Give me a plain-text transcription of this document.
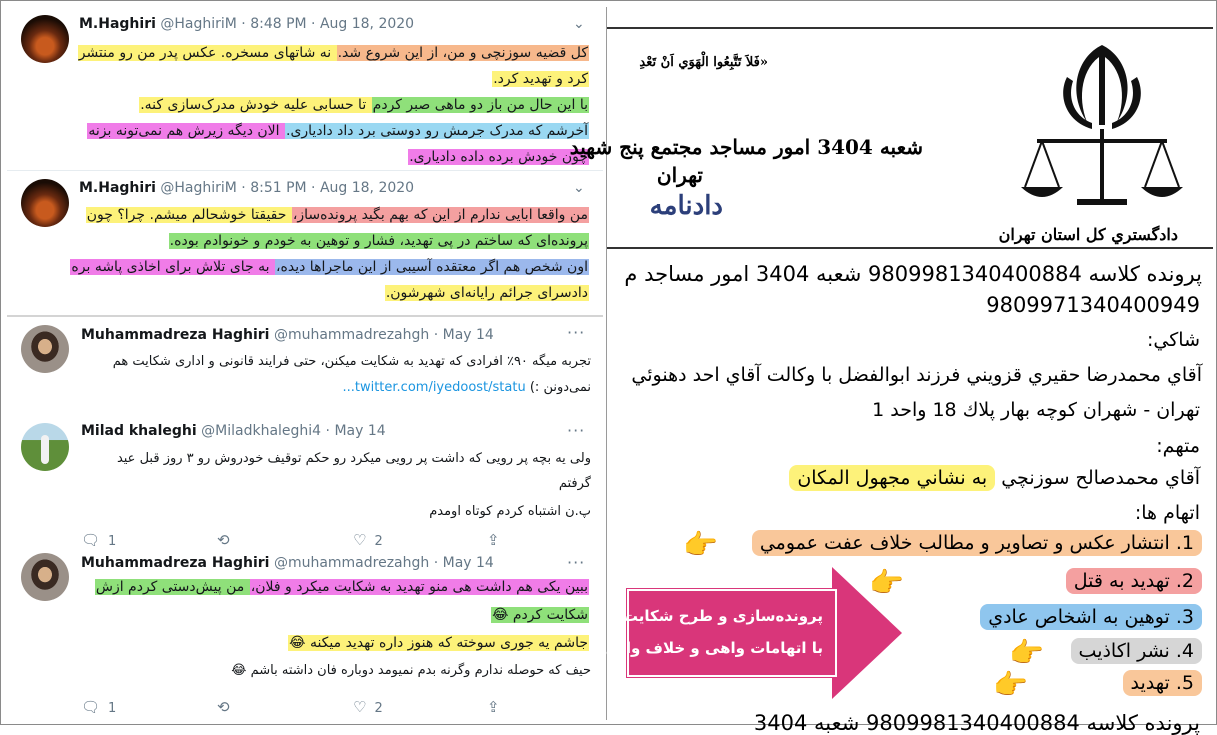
M.Haghiri @HaghiriM · 8:48 PM · Aug 18, 2020	⌄
کل قضیه سوزنچی و من، از این شروع شد. نه شاتهای مسخره. عکس پدر من رو منتشر
کرد و تهدید کرد.
با این حال من باز دو ماهی صبر کردم تا حسابی علیه خودش مدرک‌سازی کنه.
آخرشم که مدرک جرمش رو دوستی برد داد دادیاری. الان دیگه زیرش هم نمی‌تونه بزنه
چون خودش برده داده دادیاری.
M.Haghiri @HaghiriM · 8:51 PM · Aug 18, 2020	⌄
من واقعا ابایی ندارم از این که بهم بگید پرونده‌ساز، حقیقتا خوشحالم میشم. چرا؟ چون
پرونده‌ای که ساختم در پی تهدید، فشار و توهین به خودم و خونوادم بوده.
اون شخص هم اگر معتقده آسیبی از این ماجراها دیده، به جای تلاش برای اخاذی پاشه بره
دادسرای جرائم رایانه‌ای شهرشون.
Muhammadreza Haghiri @muhammadrezahgh · May 14	···
تجربه میگه ۹۰٪ افرادی که تهدید به شکایت میکنن، حتی فرایند قانونی و اداری شکایت هم
نمی‌دونن :) twitter.com/iyedoost/statu...
Milad khaleghi @Miladkhaleghi4 · May 14	···
ولی یه بچه پر رویی که داشت پر رویی میکرد رو حکم توقیف خودروش رو ۳ روز قبل عید
گرفتم
پ.ن اشتباه کردم کوتاه اومدم
🗨 1	⟲	♡ 2	⇪
Muhammadreza Haghiri @muhammadrezahgh · May 14	···
ببین یکی هم داشت هی منو تهدید به شکایت میکرد و فلان، من پیش‌دستی کردم ازش
شکایت کردم 😂
جاشم یه جوری سوخته که هنوز داره تهدید میکنه 😂
حیف که حوصله ندارم وگرنه بدم نمیومد دوباره فان داشته باشم 😂
🗨 1	⟲	♡ 2	⇪
دادگستري كل استان تهران
«فَلاَ تَتَّبِعُوا الْهَوَي اَنْ تَعْدِ
شعبه 3404 امور مساجد مجتمع پنج شهيد
تهران
دادنامه
پرونده كلاسه 9809981340400884 شعبه 3404 امور مساجد م
9809971340400949
شاكي:
آقاي محمدرضا حقيري قزويني فرزند ابوالفضل با وكالت آقاي احد دهنوئي
تهران - شهران كوچه بهار پلاك 18 واحد 1
متهم:
آقاي محمدصالح سوزنچي به نشاني مجهول المكان
اتهام ها:
1. انتشار عكس و تصاوير و مطالب خلاف عفت عمومي
👉
2. تهديد به قتل
👉
3. توهين به اشخاص عادي
👉
4. نشر اكاذيب
👉
5. تهديد
👉
پرونده‌سازی و طرح شکایت
با اتهامات واهی و خلاف واقع
پرونده كلاسه 9809981340400884 شعبه 3404
